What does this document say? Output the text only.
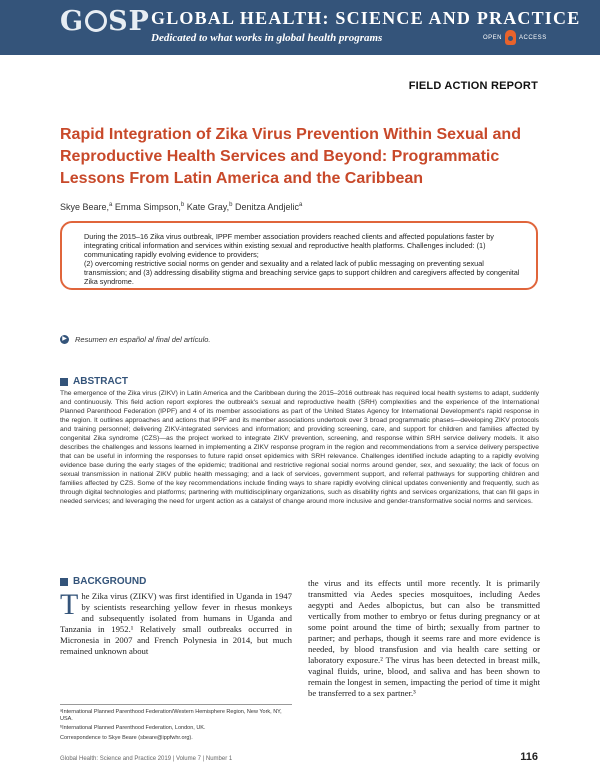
G SP GLOBAL HEALTH: SCIENCE AND PRACTICE
Dedicated to what works in global health programs	OPEN	ACCESS
FIELD ACTION REPORT
Rapid Integration of Zika Virus Prevention Within Sexual and Reproductive Health Services and Beyond: Programmatic Lessons From Latin America and the Caribbean
Skye Beare,$^a$ Emma Simpson,$^b$ Kate Gray,$^b$ Denitza Andjelic$^a$

During the 2015–16 Zika virus outbreak, IPPF member association providers reached clients and affected populations faster by integrating critical information and services within existing sexual and reproductive health platforms. Challenges included: (1) communicating rapidly evolving evidence to providers;

(2) overcoming restrictive social norms on gender and sexuality and a related lack of public messaging on preventing sexual transmission; and (3) addressing disability stigma and breaching service gaps to support children and caregivers affected by congenital Zika syndrome.

▶ Resumen en español al final del artículo.
ABSTRACT

The emergence of the Zika virus (ZIKV) in Latin America and the Caribbean during the 2015–2016 outbreak has required local health systems to adapt, suddenly and continuously. This field action report explores the outbreak's sexual and reproductive health (SRH) complexities and the experience of the International Planned Parenthood Federation (IPPF) and 4 of its member associations as part of the United States Agency for International Development's rapid response in the region. It outlines approaches and actions that IPPF and its member associations undertook over 3 broad programmatic phases—developing ZIKV protocols and training personnel; delivering ZIKV-integrated services and information; and providing screening, care, and support for children and families affected by congenital Zika syndrome (CZS)—as the project worked to integrate ZIKV prevention, screening, and response within SRH service delivery models. It also describes the challenges and lessons learned in implementing a ZIKV response program in the region and recommendations from a service delivery perspective that can be useful in informing the responses to future rapid onset epidemics with SRH relevance. Challenges identified include adapting to a rapidly evolving evidence base during the early stages of the epidemic; traditional and restrictive regional social norms around gender, sex, and sexuality; the lack of focus on sexual transmission in national ZIKV public health messaging; and a lack of services, government support, and referral pathways for supporting children and families affected by CZS. Some of the key recommendations include finding ways to share rapidly evolving clinical updates conveniently and frequently, such as through digital technologies and platforms; partnering with multidisciplinary organizations, such as disability rights and services organizations, that can fill gaps in needed services; and leveraging the need for urgent action as a catalyst of change around more inclusive and gender-transformative social norms and services.

BACKGROUND
The Zika virus (ZIKV) was first identified in Uganda in 1947 by scientists researching yellow fever in rhesus monkeys and subsequently isolated from humans in Uganda and Tanzania in 1952.¹ Relatively small outbreaks occurred in Micronesia in 2007 and French Polynesia in 2014, but much remained unknown about
the virus and its effects until more recently. It is primarily transmitted via Aedes species mosquitoes, including Aedes aegypti and Aedes albopictus, but can also be transmitted vertically from mother to embryo or fetus during pregnancy or at some point around the time of birth; sexually from partner to partner; and perhaps, though it seems rare and more evidence is needed, by blood transfusion and via health care setting or laboratory exposure.² The virus has been detected in breast milk, vaginal fluids, urine, blood, and saliva and has been shown to remain the longest in semen, impacting the period of time it might be transferred to a sex partner.³

ᵃInternational Planned Parenthood Federation/Western Hemisphere Region, New York, NY, USA.

ᵇInternational Planned Parenthood Federation, London, UK.

Correspondence to Skye Beare (sbeare@ippfwhr.org).

Global Health: Science and Practice 2019 | Volume 7 | Number 1	116
